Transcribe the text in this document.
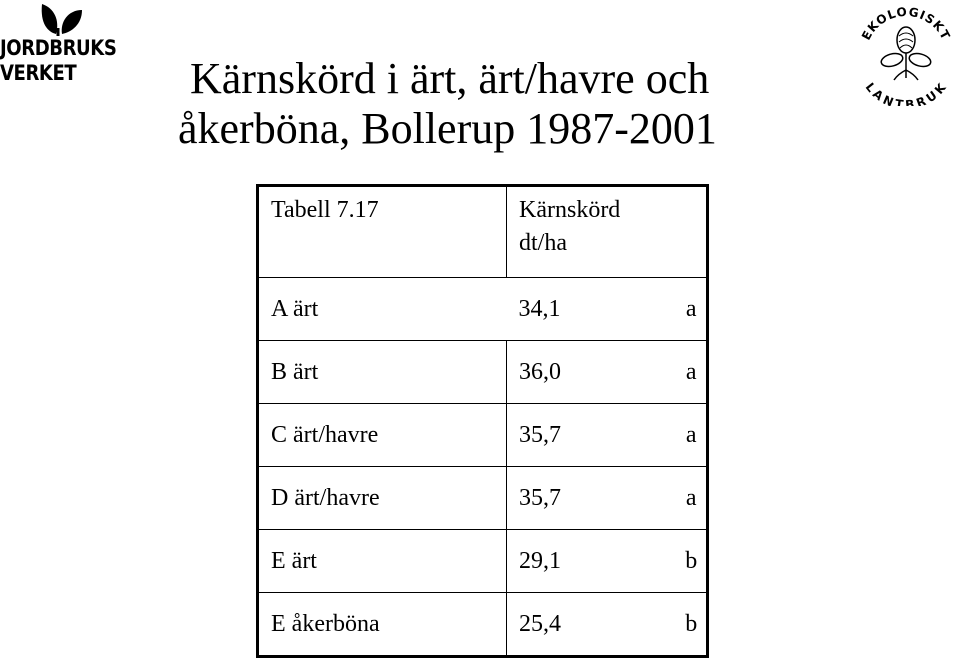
JORDBRUKS
VERKET
EKOLOGISKT
LANTBRUK
Kärnskörd i ärt, ärt/havre och
åkerböna, Bollerup 1987-2001
Tabell 7.17	Kärnskörd
dt/ha	

A ärt	34,1	a
B ärt	36,0	a
C ärt/havre	35,7	a
D ärt/havre	35,7	a
E ärt	29,1	b
E åkerböna	25,4	b
